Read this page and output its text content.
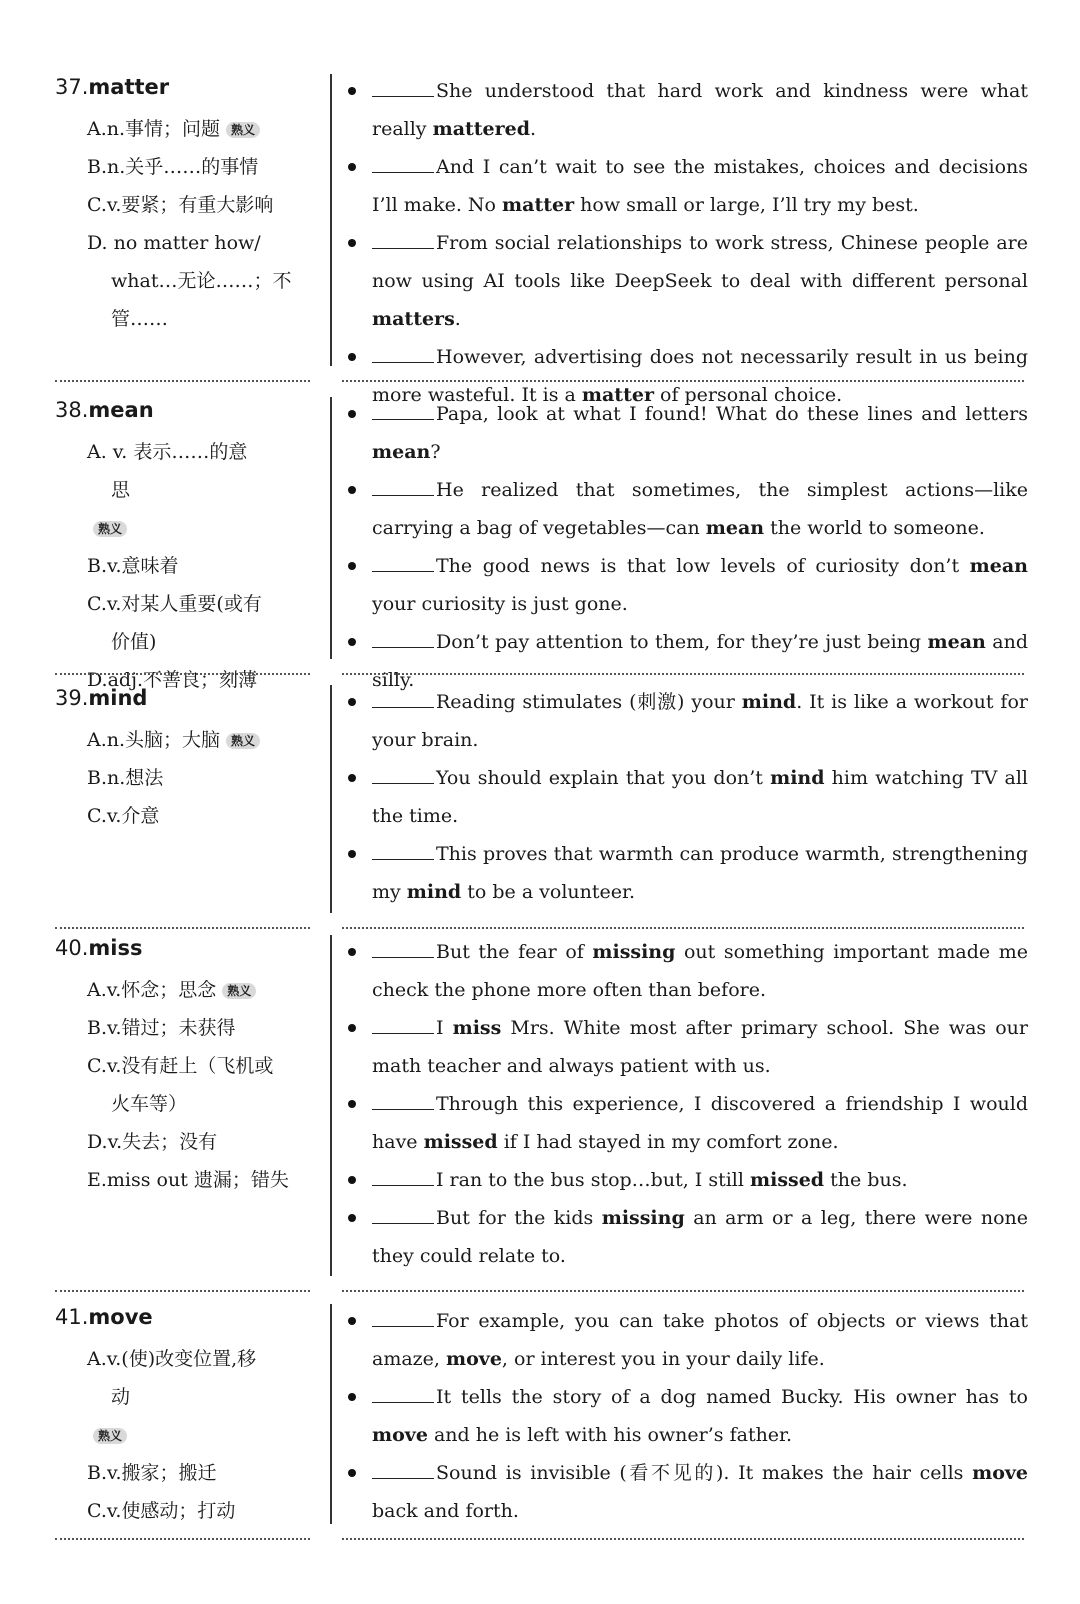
37.matter
A.n.事情；问题 熟义
B.n.关乎……的事情
C.v.要紧；有重大影响
D. no matter how/

what…无论……；不
管……
She understood that hard work and kindness were what really mattered.
And I can’t wait to see the mistakes, choices and decisions I’ll make. No matter how small or large, I’ll try my best.
From social relationships to work stress, Chinese people are now using AI tools like DeepSeek to deal with different personal matters.
However, advertising does not necessarily result in us being more wasteful. It is a matter of personal choice.
38.mean
A. v. 表示……的意

思
熟义
B.v.意味着
C.v.对某人重要(或有

价值)
D.adj.不善良；刻薄
Papa, look at what I found! What do these lines and letters mean?
He realized that sometimes, the simplest actions—like carrying a bag of vegetables—can mean the world to someone.
The good news is that low levels of curiosity don’t mean your curiosity is just gone.
Don’t pay attention to them, for they’re just being mean and silly.
39.mind
A.n.头脑；大脑 熟义
B.n.想法
C.v.介意
Reading stimulates (刺激) your mind. It is like a workout for your brain.
You should explain that you don’t mind him watching TV all the time.
This proves that warmth can produce warmth, strengthening my mind to be a volunteer.
40.miss
A.v.怀念；思念 熟义
B.v.错过；未获得
C.v.没有赶上（飞机或

火车等）
D.v.失去；没有
E.miss out 遗漏；错失
But the fear of missing out something important made me check the phone more often than before.
I miss Mrs. White most after primary school. She was our math teacher and always patient with us.
Through this experience, I discovered a friendship I would have missed if I had stayed in my comfort zone.
I ran to the bus stop…but, I still missed the bus.
But for the kids missing an arm or a leg, there were none they could relate to.
41.move
A.v.(使)改变位置,移

动
熟义
B.v.搬家；搬迁
C.v.使感动；打动
For example, you can take photos of objects or views that amaze, move, or interest you in your daily life.
It tells the story of a dog named Bucky. His owner has to move and he is left with his owner’s father.
Sound is invisible (看不见的). It makes the hair cells move back and forth.
